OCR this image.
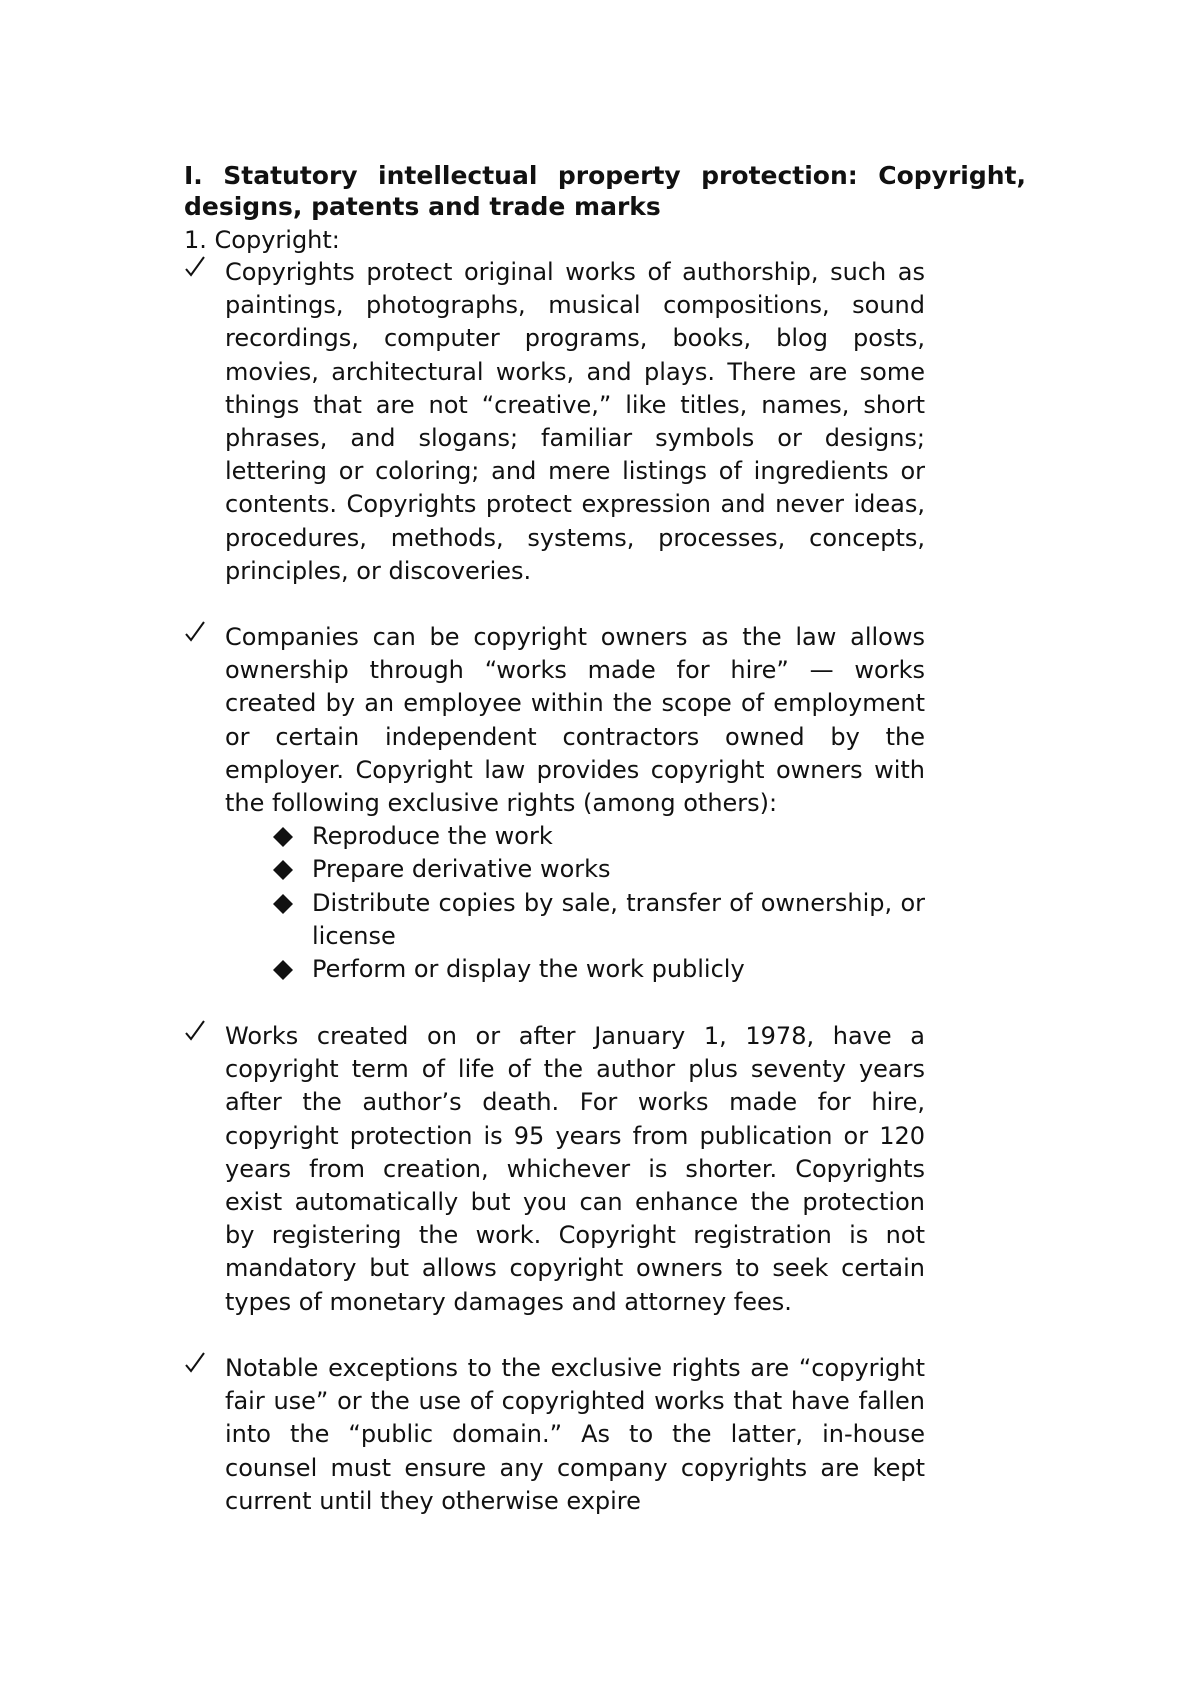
I. Statutory intellectual property protection: Copyright, designs, patents and trade marks
1. Copyright:
Copyrights protect original works of authorship, such as paintings, photographs, musical compositions, sound recordings, computer programs, books, blog posts, movies, architectural works, and plays. There are some things that are not “creative,” like titles, names, short phrases, and slogans; familiar symbols or designs; lettering or coloring; and mere listings of ingredients or contents. Copyrights protect expression and never ideas, procedures, methods, systems, processes, concepts, principles, or discoveries.
Companies can be copyright owners as the law allows ownership through “works made for hire” — works created by an employee within the scope of employment or certain independent contractors owned by the employer. Copyright law provides copyright owners with the following exclusive rights (among others):
Reproduce the work
Prepare derivative works
Distribute copies by sale, transfer of ownership, or license
Perform or display the work publicly
Works created on or after January 1, 1978, have a copyright term of life of the author plus seventy years after the author’s death. For works made for hire, copyright protection is 95 years from publication or 120 years from creation, whichever is shorter. Copyrights exist automatically but you can enhance the protection by registering the work. Copyright registration is not mandatory but allows copyright owners to seek certain types of monetary damages and attorney fees.
Notable exceptions to the exclusive rights are “copyright fair use” or the use of copyrighted works that have fallen into the “public domain.” As to the latter, in-house counsel must ensure any company copyrights are kept current until they otherwise expire
